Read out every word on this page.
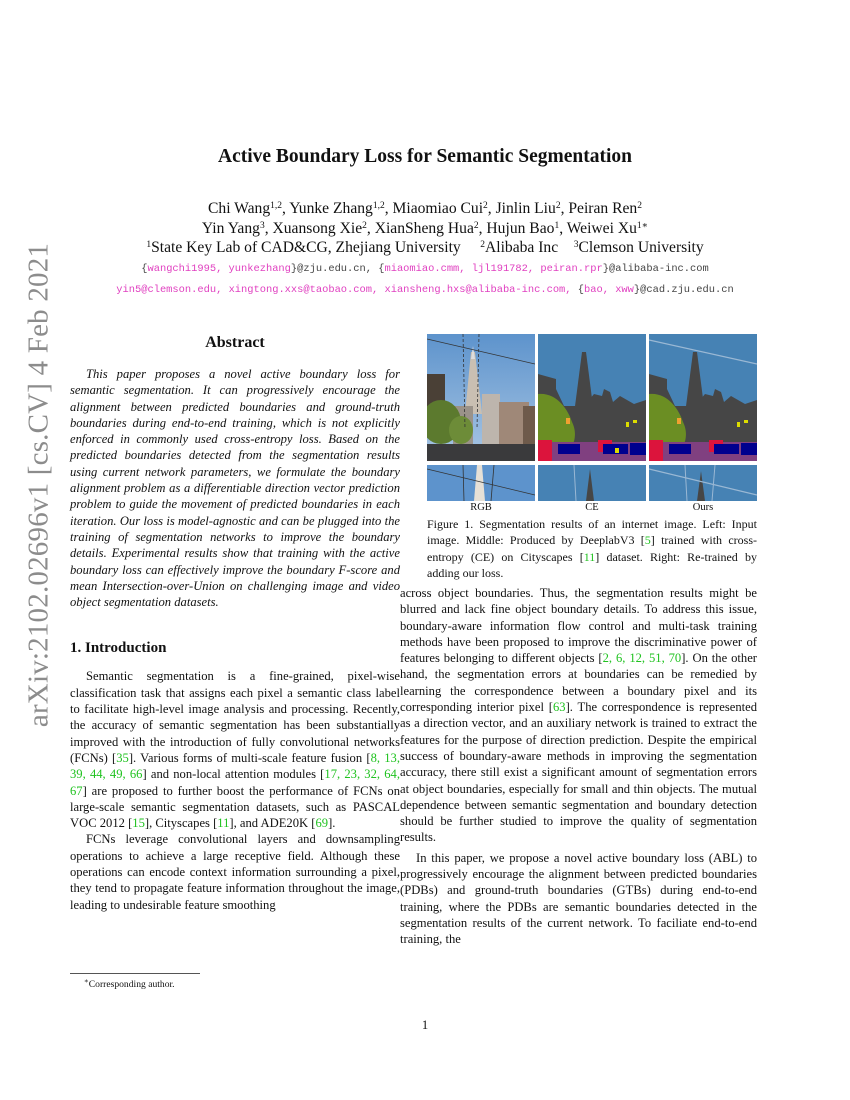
arXiv:2102.02696v1 [cs.CV] 4 Feb 2021
Active Boundary Loss for Semantic Segmentation
Chi Wang$^{1,2}$, Yunke Zhang$^{1,2}$, Miaomiao Cui$^2$, Jinlin Liu$^2$, Peiran Ren$^2$
Yin Yang$^3$, Xuansong Xie$^2$, XianSheng Hua$^2$, Hujun Bao$^1$, Weiwei $Xu^{1∗}$
$^1$State Key Lab of CAD&CG, Zhejiang University $^2$Alibaba Inc $^3$Clemson University
{wangchi1995, yunkezhang}@zju.edu.cn, {miaomiao.cmm, ljl191782, peiran.rpr}@alibaba-inc.com
yin5@clemson.edu, xingtong.xxs@taobao.com, xiansheng.hxs@alibaba-inc.com, {bao, xww}@cad.zju.edu.cn
Abstract

This paper proposes a novel active boundary loss for semantic segmentation. It can progressively encourage the alignment between predicted boundaries and ground-truth boundaries during end-to-end training, which is not explicitly enforced in commonly used cross-entropy loss. Based on the predicted boundaries detected from the segmentation results using current network parameters, we formulate the boundary alignment problem as a differentiable direction vector prediction problem to guide the movement of predicted boundaries in each iteration. Our loss is model-agnostic and can be plugged into the training of segmentation networks to improve the boundary details. Experimental results show that training with the active boundary loss can effectively improve the boundary F-score and mean Intersection-over-Union on challenging image and video object segmentation datasets.

1. Introduction

Semantic segmentation is a fine-grained, pixel-wise classification task that assigns each pixel a semantic class label to facilitate high-level image analysis and processing. Recently, the accuracy of semantic segmentation has been substantially improved with the introduction of fully convolutional networks (FCNs) [35]. Various forms of multi-scale feature fusion [8, 13, 39, 44, 49, 66] and non-local attention modules [17, 23, 32, 64, 67] are proposed to further boost the performance of FCNs on large-scale semantic segmentation datasets, such as PASCAL VOC 2012 [15], Cityscapes [11], and ADE20K [69].

FCNs leverage convolutional layers and downsampling operations to achieve a large receptive field. Although these operations can encode context information surrounding a pixel, they tend to propagate feature information throughout the image, leading to undesirable feature smoothing

RGB	CE	Ours

Figure 1. Segmentation results of an internet image. Left: Input image. Middle: Produced by DeeplabV3 [5] trained with cross-entropy (CE) on Cityscapes [11] dataset. Right: Re-trained by adding our loss.

across object boundaries. Thus, the segmentation results might be blurred and lack fine object boundary details. To address this issue, boundary-aware information flow control and multi-task training methods have been proposed to improve the discriminative power of features belonging to different objects [2, 6, 12, 51, 70]. On the other hand, the segmentation errors at boundaries can be remedied by learning the correspondence between a boundary pixel and its corresponding interior pixel [63]. The correspondence is represented as a direction vector, and an auxiliary network is trained to extract the features for the purpose of direction prediction. Despite the empirical success of boundary-aware methods in improving the segmentation accuracy, there still exist a significant amount of segmentation errors at object boundaries, especially for small and thin objects. The mutual dependence between semantic segmentation and boundary detection should be further studied to improve the quality of segmentation results.

In this paper, we propose a novel active boundary loss (ABL) to progressively encourage the alignment between predicted boundaries (PDBs) and ground-truth boundaries (GTBs) during end-to-end training, where the PDBs are semantic boundaries detected in the segmentation results of the current network. To faciliate end-to-end training, the

∗Corresponding author.
1
